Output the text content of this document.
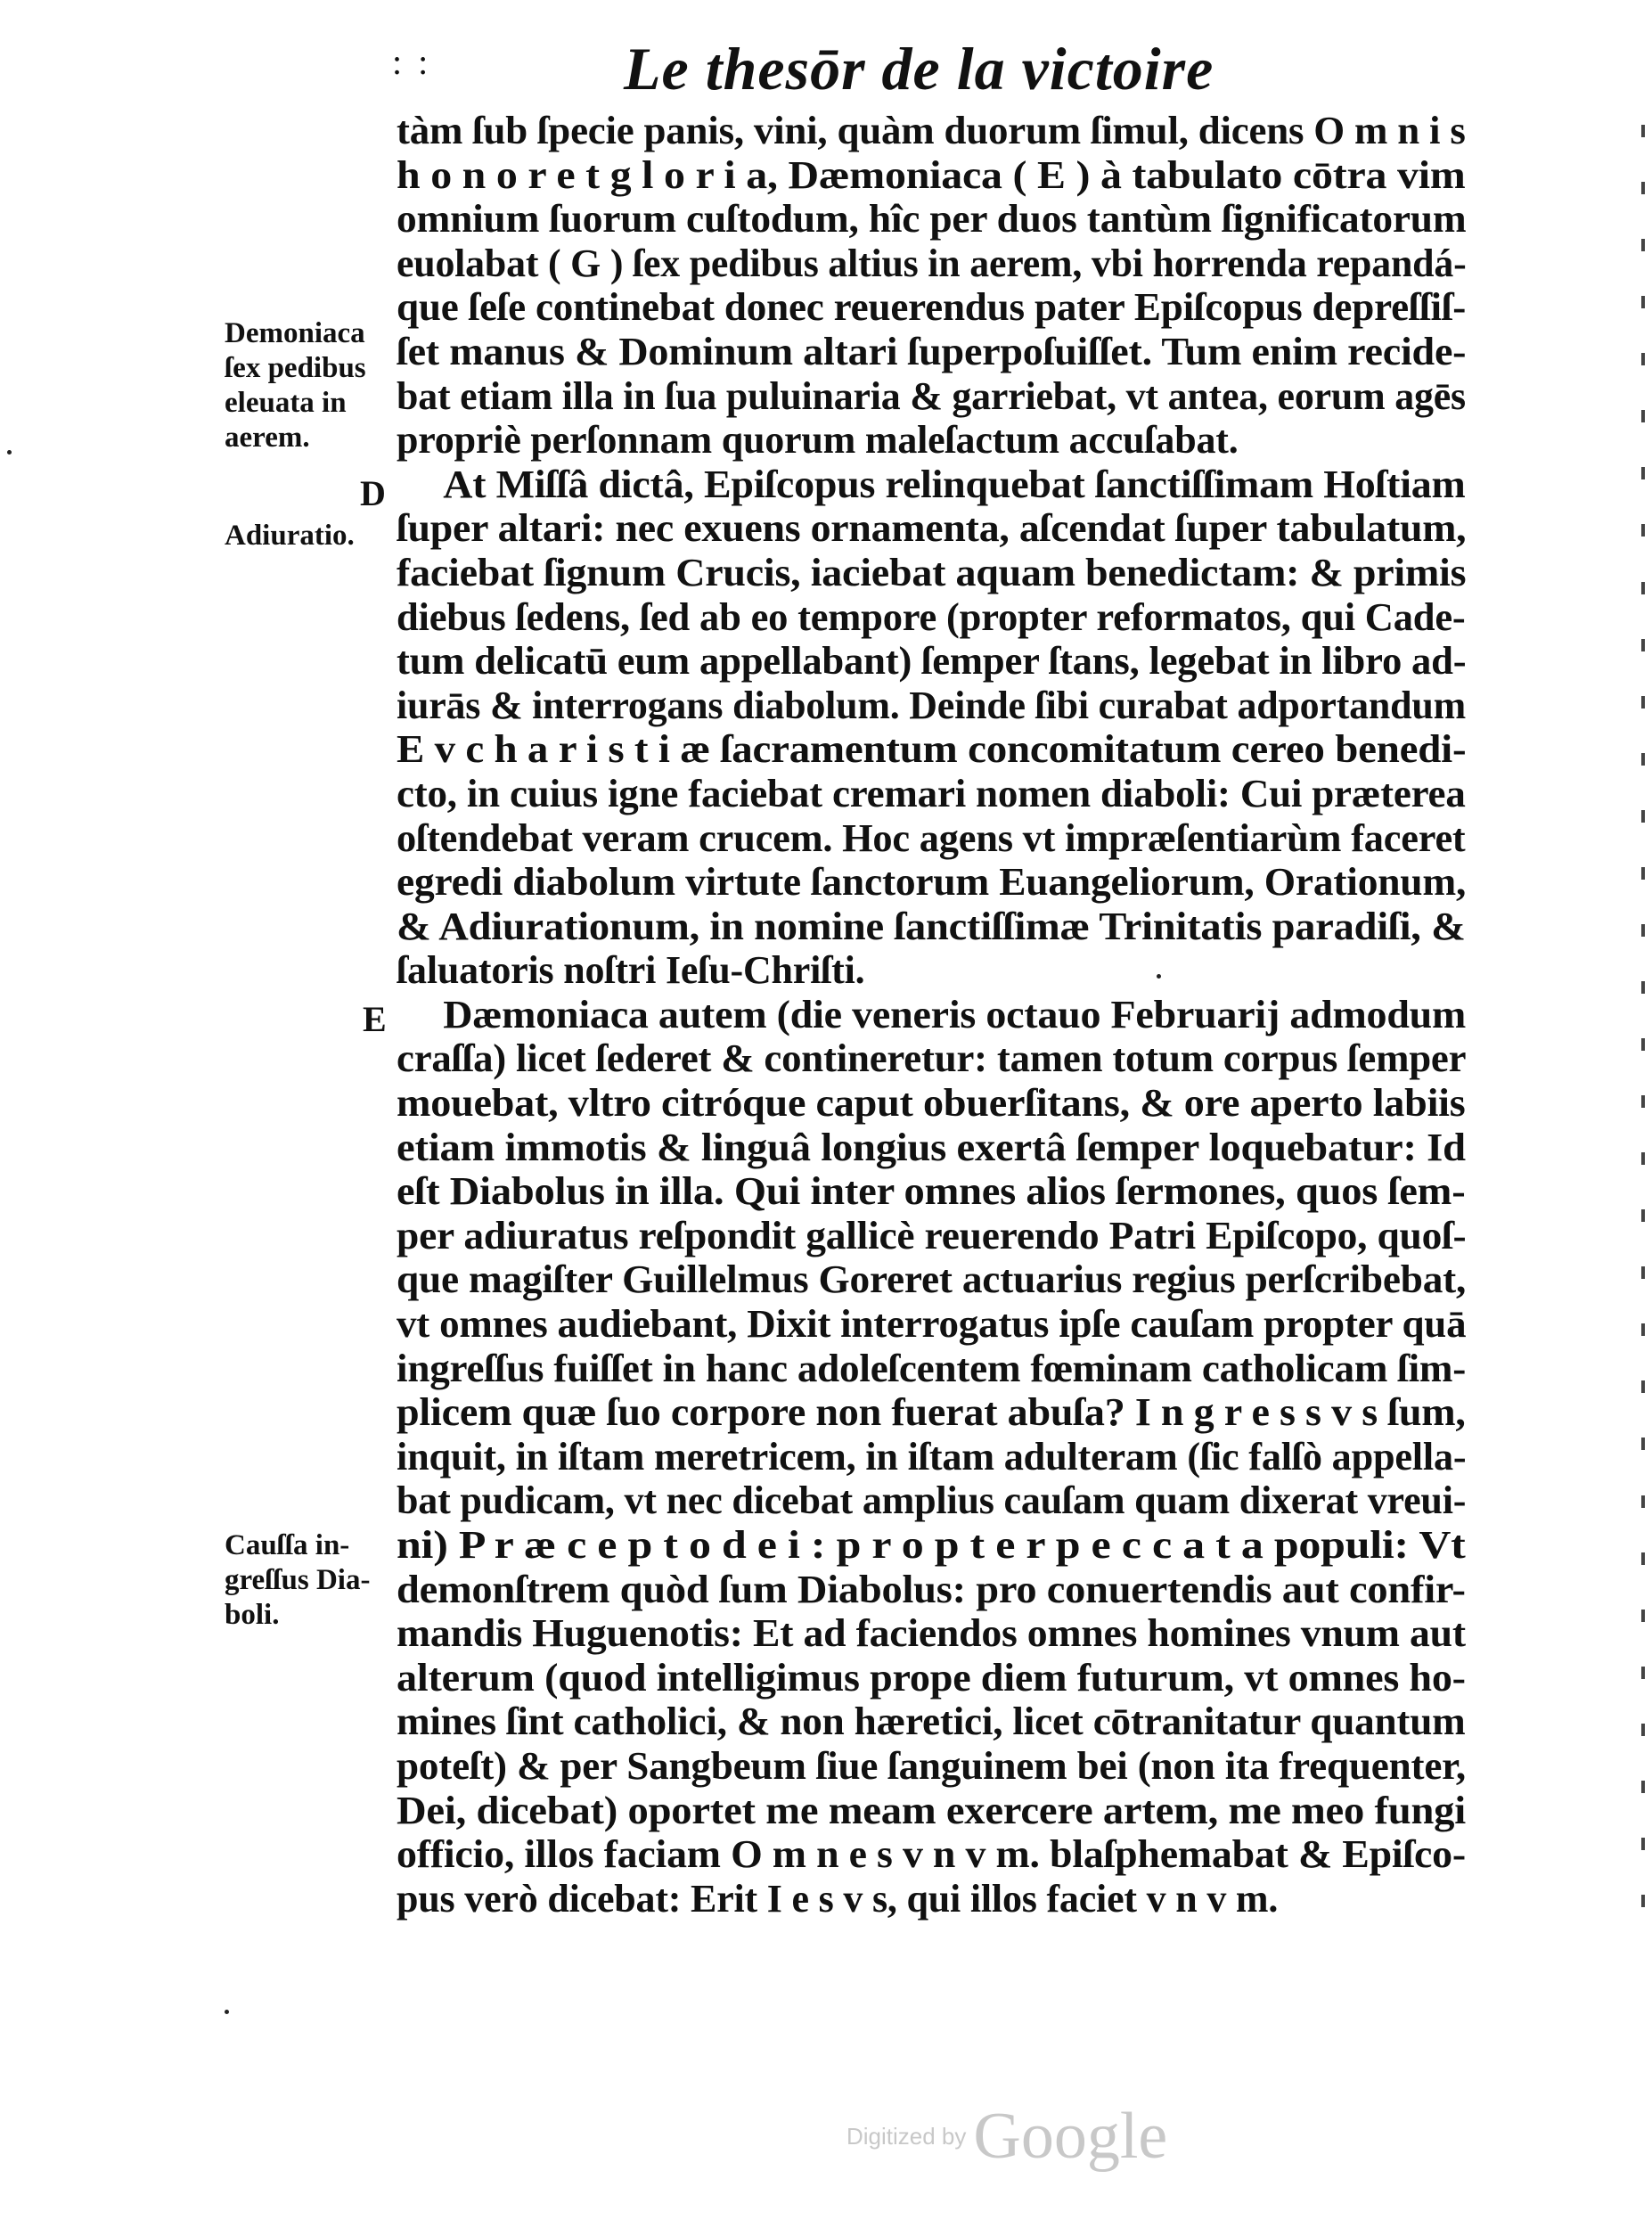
: :	Le thesōr de la victoire
Demoniaca
ſex pedibus
eleuata in
aerem.
D
Adiuratio.
E
Cauſſa in-
greſſus Dia-
boli.
tàm ſub ſpecie panis, vini, quàm duorum ſimul, dicens O m n i s
h o n o r e t g l o r i a, Dæmoniaca ( E ) à tabulato cōtra vim
omnium ſuorum cuſtodum, hîc per duos tantùm ſignificatorum
euolabat ( G ) ſex pedibus altius in aerem, vbi horrenda repandá-
que ſeſe continebat donec reuerendus pater Epiſcopus depreſſiſ-
ſet manus & Dominum altari ſuperpoſuiſſet. Tum enim recide-
bat etiam illa in ſua puluinaria & garriebat, vt antea, eorum agēs
propriè perſonnam quorum maleſactum accuſabat.
At Miſſâ dictâ, Epiſcopus relinquebat ſanctiſſimam Hoſtiam
ſuper altari: nec exuens ornamenta, aſcendat ſuper tabulatum,
faciebat ſignum Crucis, iaciebat aquam benedictam: & primis
diebus ſedens, ſed ab eo tempore (propter reformatos, qui Cade-
tum delicatū eum appellabant) ſemper ſtans, legebat in libro ad-
iurās & interrogans diabolum. Deinde ſibi curabat adportandum
E v c h a r i s t i æ ſacramentum concomitatum cereo benedi-
cto, in cuius igne faciebat cremari nomen diaboli: Cui præterea
oſtendebat veram crucem. Hoc agens vt impræſentiarùm faceret
egredi diabolum virtute ſanctorum Euangeliorum, Orationum,
& Adiurationum, in nomine ſanctiſſimæ Trinitatis paradiſi, &
ſaluatoris noſtri Ieſu-Chriſti.
Dæmoniaca autem (die veneris octauo Februarij admodum
craſſa) licet ſederet & contineretur: tamen totum corpus ſemper
mouebat, vltro citróque caput obuerſitans, & ore aperto labiis
etiam immotis & linguâ longius exertâ ſemper loquebatur: Id
eſt Diabolus in illa. Qui inter omnes alios ſermones, quos ſem-
per adiuratus reſpondit gallicè reuerendo Patri Epiſcopo, quoſ-
que magiſter Guillelmus Goreret actuarius regius perſcribebat,
vt omnes audiebant, Dixit interrogatus ipſe cauſam propter quā
ingreſſus fuiſſet in hanc adoleſcentem fœminam catholicam ſim-
plicem quæ ſuo corpore non fuerat abuſa? I n g r e s s v s ſum,
inquit, in iſtam meretricem, in iſtam adulteram (ſic falſò appella-
bat pudicam, vt nec dicebat amplius cauſam quam dixerat vreui-
ni) P r æ c e p t o d e i : p r o p t e r p e c c a t a populi: Vt
demonſtrem quòd ſum Diabolus: pro conuertendis aut confir-
mandis Huguenotis: Et ad faciendos omnes homines vnum aut
alterum (quod intelligimus prope diem futurum, vt omnes ho-
mines ſint catholici, & non hæretici, licet cōtranitatur quantum
poteſt) & per Sangbeum ſiue ſanguinem bei (non ita frequenter,
Dei, dicebat) oportet me meam exercere artem, me meo fungi
officio, illos faciam O m n e s v n v m. blaſphemabat & Epiſco-
pus verò dicebat: Erit I e s v s, qui illos faciet v n v m.
Digitized by Google
